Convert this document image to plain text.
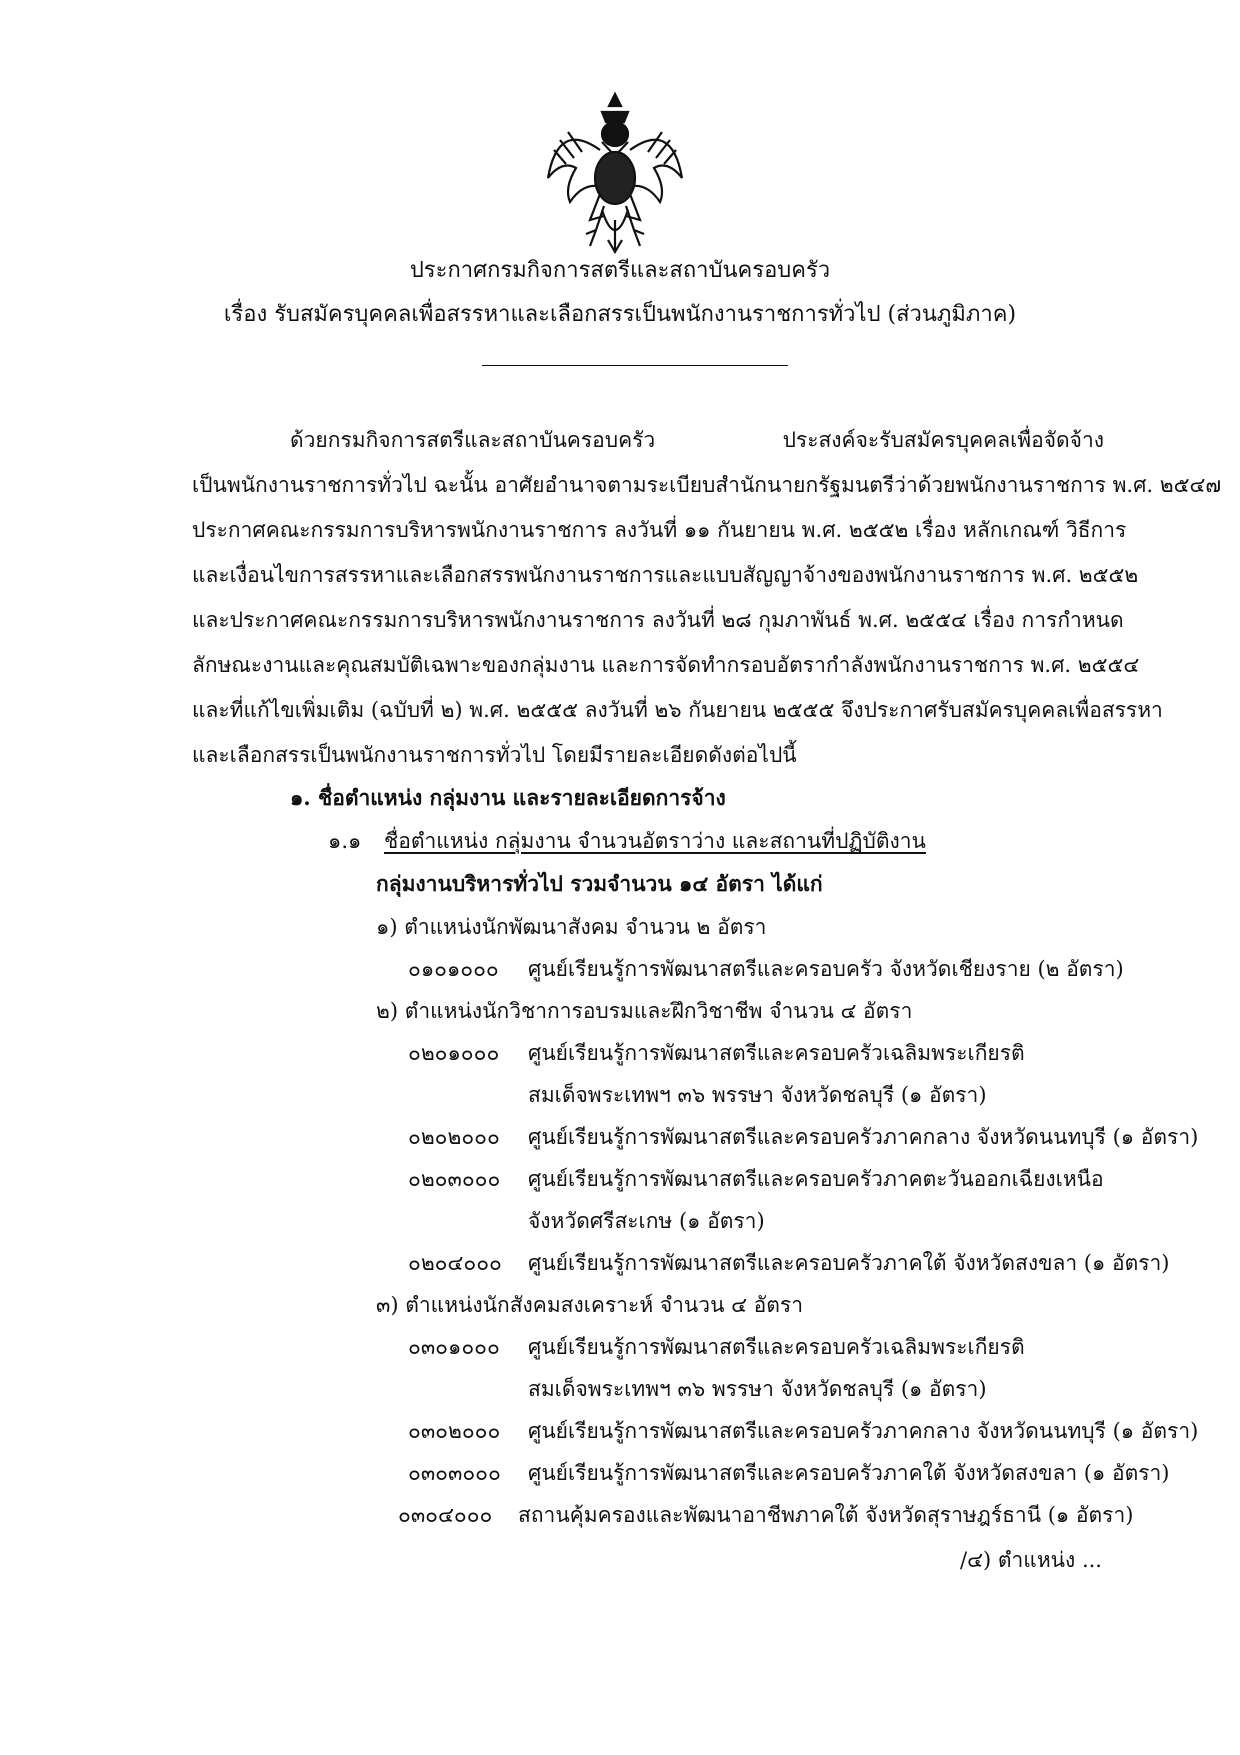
ประกาศกรมกิจการสตรีและสถาบันครอบครัว
เรื่อง รับสมัครบุคคลเพื่อสรรหาและเลือกสรรเป็นพนักงานราชการทั่วไป (ส่วนภูมิภาค)
ด้วยกรมกิจการสตรีและสถาบันครอบครัว ประสงค์จะรับสมัครบุคคลเพื่อจัดจ้าง
เป็นพนักงานราชการทั่วไป ฉะนั้น อาศัยอำนาจตามระเบียบสำนักนายกรัฐมนตรีว่าด้วยพนักงานราชการ พ.ศ. ๒๕๔๗
ประกาศคณะกรรมการบริหารพนักงานราชการ ลงวันที่ ๑๑ กันยายน พ.ศ. ๒๕๕๒ เรื่อง หลักเกณฑ์ วิธีการ
และเงื่อนไขการสรรหาและเลือกสรรพนักงานราชการและแบบสัญญาจ้างของพนักงานราชการ พ.ศ. ๒๕๕๒
และประกาศคณะกรรมการบริหารพนักงานราชการ ลงวันที่ ๒๘ กุมภาพันธ์ พ.ศ. ๒๕๕๔ เรื่อง การกำหนด
ลักษณะงานและคุณสมบัติเฉพาะของกลุ่มงาน และการจัดทำกรอบอัตรากำลังพนักงานราชการ พ.ศ. ๒๕๕๔
และที่แก้ไขเพิ่มเติม (ฉบับที่ ๒) พ.ศ. ๒๕๕๕ ลงวันที่ ๒๖ กันยายน ๒๕๕๕ จึงประกาศรับสมัครบุคคลเพื่อสรรหา
และเลือกสรรเป็นพนักงานราชการทั่วไป โดยมีรายละเอียดดังต่อไปนี้
๑. ชื่อตำแหน่ง กลุ่มงาน และรายละเอียดการจ้าง
๑.๑ ชื่อตำแหน่ง กลุ่มงาน จำนวนอัตราว่าง และสถานที่ปฏิบัติงาน
กลุ่มงานบริหารทั่วไป รวมจำนวน ๑๔ อัตรา ได้แก่
๑) ตำแหน่งนักพัฒนาสังคม จำนวน ๒ อัตรา
๐๑๐๑๐๐๐ ศูนย์เรียนรู้การพัฒนาสตรีและครอบครัว จังหวัดเชียงราย (๒ อัตรา)
๒) ตำแหน่งนักวิชาการอบรมและฝึกวิชาชีพ จำนวน ๔ อัตรา
๐๒๐๑๐๐๐ ศูนย์เรียนรู้การพัฒนาสตรีและครอบครัวเฉลิมพระเกียรติ
สมเด็จพระเทพฯ ๓๖ พรรษา จังหวัดชลบุรี (๑ อัตรา)
๐๒๐๒๐๐๐ ศูนย์เรียนรู้การพัฒนาสตรีและครอบครัวภาคกลาง จังหวัดนนทบุรี (๑ อัตรา)
๐๒๐๓๐๐๐ ศูนย์เรียนรู้การพัฒนาสตรีและครอบครัวภาคตะวันออกเฉียงเหนือ
จังหวัดศรีสะเกษ (๑ อัตรา)
๐๒๐๔๐๐๐ ศูนย์เรียนรู้การพัฒนาสตรีและครอบครัวภาคใต้ จังหวัดสงขลา (๑ อัตรา)
๓) ตำแหน่งนักสังคมสงเคราะห์ จำนวน ๔ อัตรา
๐๓๐๑๐๐๐ ศูนย์เรียนรู้การพัฒนาสตรีและครอบครัวเฉลิมพระเกียรติ
สมเด็จพระเทพฯ ๓๖ พรรษา จังหวัดชลบุรี (๑ อัตรา)
๐๓๐๒๐๐๐ ศูนย์เรียนรู้การพัฒนาสตรีและครอบครัวภาคกลาง จังหวัดนนทบุรี (๑ อัตรา)
๐๓๐๓๐๐๐ ศูนย์เรียนรู้การพัฒนาสตรีและครอบครัวภาคใต้ จังหวัดสงขลา (๑ อัตรา)
๐๓๐๔๐๐๐ สถานคุ้มครองและพัฒนาอาชีพภาคใต้ จังหวัดสุราษฎร์ธานี (๑ อัตรา)
/๔) ตำแหน่ง ...
